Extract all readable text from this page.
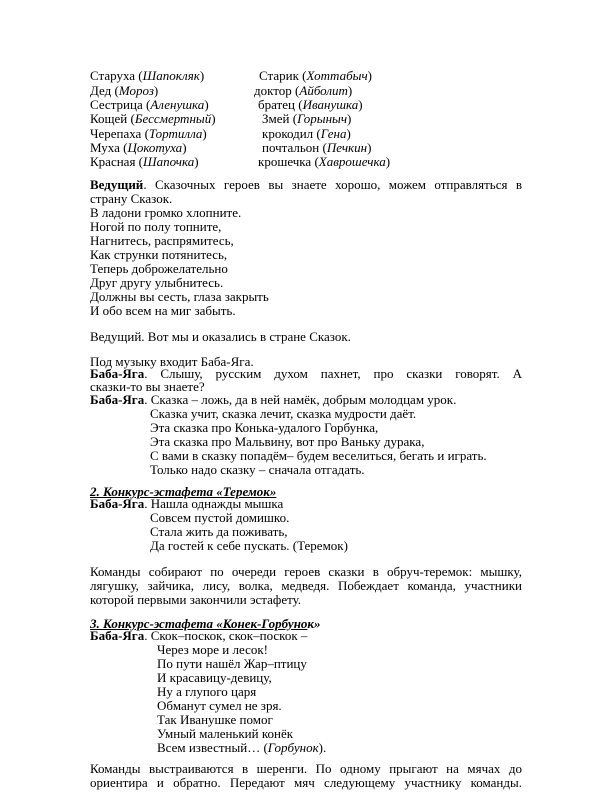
Старуха (Шапокляк)	Старик (Хоттабыч)
Дед (Мороз)	доктор (Айболит)
Сестрица (Аленушка)	братец (Иванушка)
Кощей (Бессмертный)	Змей (Горыныч)
Черепаха (Тортилла)	крокодил (Гена)
Муха (Цокотуха)	почтальон (Печкин)
Красная (Шапочка)	крошечка (Хаврошечка)
Ведущий. Сказочных героев вы знаете хорошо, можем отправляться в
страну Сказок.
В ладони громко хлопните.
Ногой по полу топните,
Нагнитесь, распрямитесь,
Как струнки потянитесь,
Теперь доброжелательно
Друг другу улыбнитесь.
Должны вы сесть, глаза закрыть
И обо всем на миг забыть.
Ведущий. Вот мы и оказались в стране Сказок.
Под музыку входит Баба-Яга.
Баба-Яга. Слышу, русским духом пахнет, про сказки говорят. А
сказки-то вы знаете?
Баба-Яга. Сказка – ложь, да в ней намёк, добрым молодцам урок.
Сказка учит, сказка лечит, сказка мудрости даёт.
Эта сказка про Конька-удалого Горбунка,
Эта сказка про Мальвину, вот про Ваньку дурака,
С вами в сказку попадём– будем веселиться, бегать и играть.
Только надо сказку – сначала отгадать.
2. Конкурс-эстафета «Теремок»
Баба-Яга. Нашла однажды мышка
Совсем пустой домишко.
Стала жить да поживать,
Да гостей к себе пускать. (Теремок)
Команды собирают по очереди героев сказки в обруч-теремок: мышку,
лягушку, зайчика, лису, волка, медведя. Побеждает команда, участники
которой первыми закончили эстафету.
3. Конкурс-эстафета «Конек-Горбунок»
Баба-Яга. Скок–поскок, скок–поскок –
Через море и лесок!
По пути нашёл Жар–птицу
И красавицу-девицу,
Ну а глупого царя
Обманут сумел не зря.
Так Иванушке помог
Умный маленький конёк
Всем известный… (Горбунок).
Команды выстраиваются в шеренги. По одному прыгают на мячах до
ориентира и обратно. Передают мяч следующему участнику команды.
